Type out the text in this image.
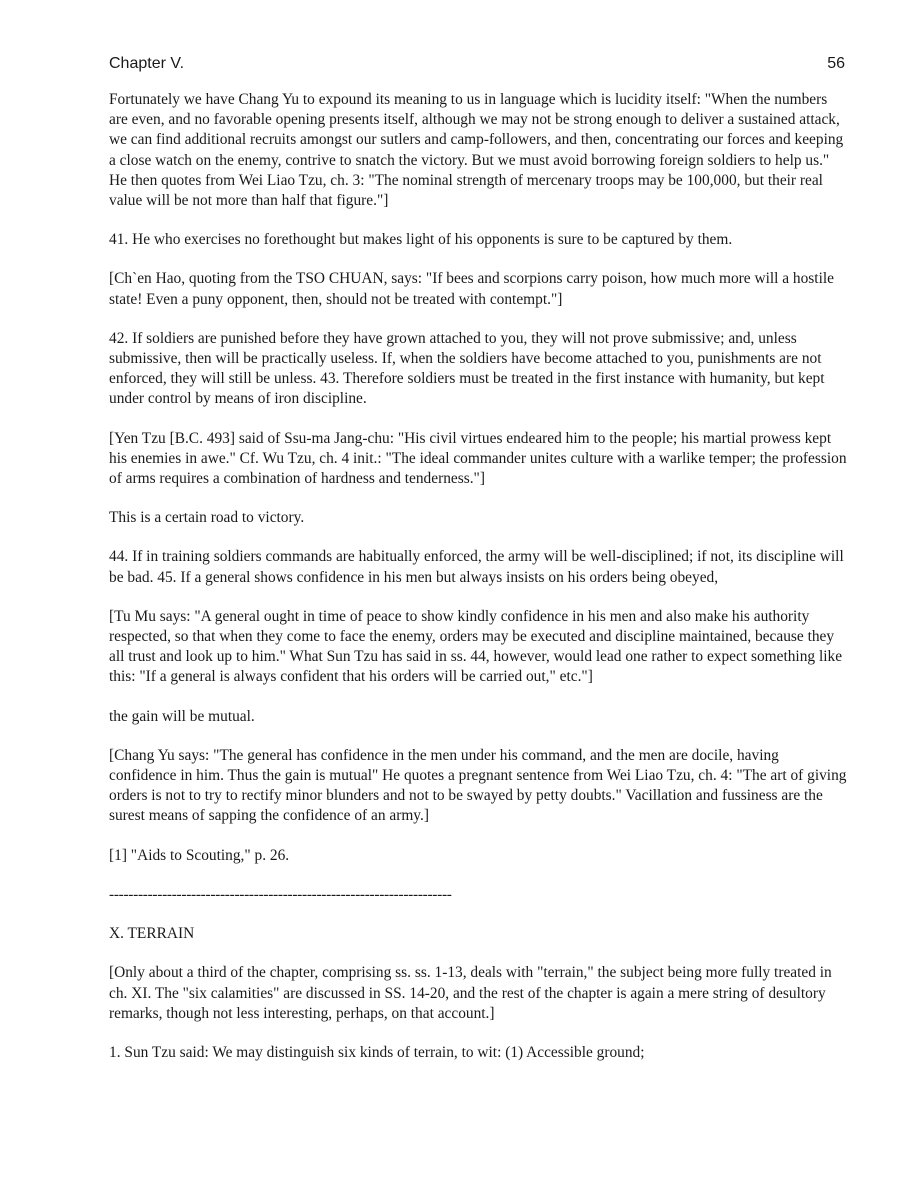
Chapter V.	56

Fortunately we have Chang Yu to expound its meaning to us in language which is lucidity itself: "When the numbers are even, and no favorable opening presents itself, although we may not be strong enough to deliver a sustained attack, we can find additional recruits amongst our sutlers and camp-followers, and then, concentrating our forces and keeping a close watch on the enemy, contrive to snatch the victory. But we must avoid borrowing foreign soldiers to help us." He then quotes from Wei Liao Tzu, ch. 3: "The nominal strength of mercenary troops may be 100,000, but their real value will be not more than half that figure."]

41. He who exercises no forethought but makes light of his opponents is sure to be captured by them.

[Ch`en Hao, quoting from the TSO CHUAN, says: "If bees and scorpions carry poison, how much more will a hostile state! Even a puny opponent, then, should not be treated with contempt."]

42. If soldiers are punished before they have grown attached to you, they will not prove submissive; and, unless submissive, then will be practically useless. If, when the soldiers have become attached to you, punishments are not enforced, they will still be unless. 43. Therefore soldiers must be treated in the first instance with humanity, but kept under control by means of iron discipline.

[Yen Tzu [B.C. 493] said of Ssu-ma Jang-chu: "His civil virtues endeared him to the people; his martial prowess kept his enemies in awe." Cf. Wu Tzu, ch. 4 init.: "The ideal commander unites culture with a warlike temper; the profession of arms requires a combination of hardness and tenderness."]

This is a certain road to victory.

44. If in training soldiers commands are habitually enforced, the army will be well-disciplined; if not, its discipline will be bad. 45. If a general shows confidence in his men but always insists on his orders being obeyed,

[Tu Mu says: "A general ought in time of peace to show kindly confidence in his men and also make his authority respected, so that when they come to face the enemy, orders may be executed and discipline maintained, because they all trust and look up to him." What Sun Tzu has said in ss. 44, however, would lead one rather to expect something like this: "If a general is always confident that his orders will be carried out," etc."]

the gain will be mutual.

[Chang Yu says: "The general has confidence in the men under his command, and the men are docile, having confidence in him. Thus the gain is mutual" He quotes a pregnant sentence from Wei Liao Tzu, ch. 4: "The art of giving orders is not to try to rectify minor blunders and not to be swayed by petty doubts." Vacillation and fussiness are the surest means of sapping the confidence of an army.]

[1] "Aids to Scouting," p. 26.

-----------------------------------------------------------------------

X. TERRAIN

[Only about a third of the chapter, comprising ss. ss. 1-13, deals with "terrain," the subject being more fully treated in ch. XI. The "six calamities" are discussed in SS. 14-20, and the rest of the chapter is again a mere string of desultory remarks, though not less interesting, perhaps, on that account.]

1. Sun Tzu said: We may distinguish six kinds of terrain, to wit: (1) Accessible ground;
